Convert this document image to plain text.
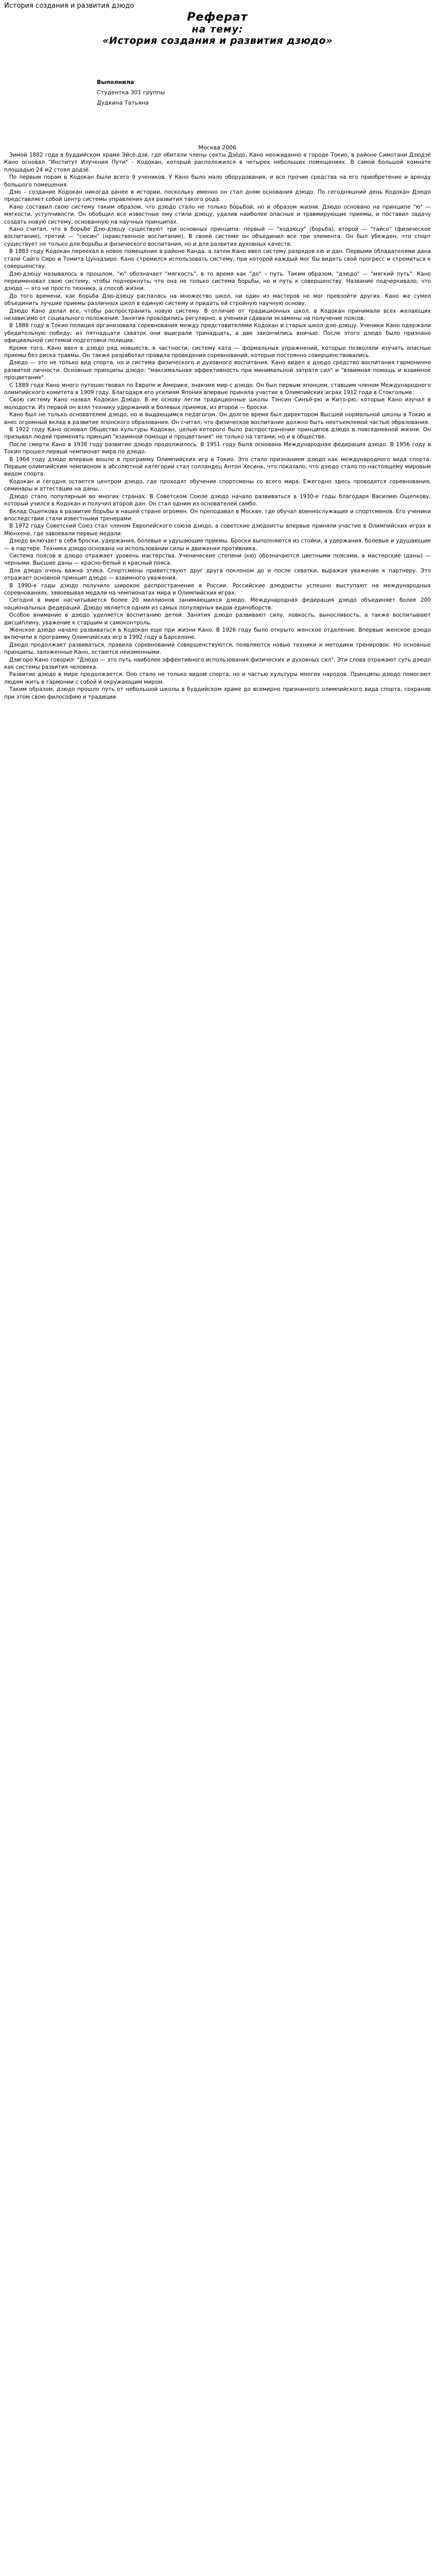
История создания и развития дзюдо

Реферат

на тему:

«История создания и развития дзюдо»

Выполнила
Студентка 301 группы
Дудкина Татьяна

Москва 2006

Зимой 1882 года в буддийском храме Эйсё-дзи, где обитали члены секты Дзёдо, Кано неожиданно в городе Токио, в районе Симотани Дзюдзё Кано основал "Институт Изучения Пути" - Кодокан, который расположился в четырех небольших помещениях. В самой большой комнате площадью 24 м2 стоял додзё.

По первым порам в Кодокан были всего 9 учеников. У Кано было мало оборудования, и все прочие средства на его приобретение и аренду большого помещения.

Дзю – создание Кодокан никогда ранее в истории, поскольку именно он стал дням основания дзюдо. По сегодняшний день Кодокан Дзюдо представляет собой центр системы управления для развития такого рода.

Кано составил свою систему таким образом, что дзюдо стало не только борьбой, но и образом жизни. Дзюдо основано на принципе "ю" — мягкости, уступчивости. Он обобщил все известные ему стили дзюцу, удалив наиболее опасные и травмирующие приемы, и поставил задачу создать новую систему, основанную на научных принципах.

Кано считал, что в борьбе Дзю-дзюцу существуют три основных принципа: первый — "ходзюцу" (борьба), второй — "тайсо" (физическое воспитание), третий — "сюсин" (нравственное воспитание). В своей системе он объединил все три элемента. Он был убежден, что спорт существует не только для борьбы и физического воспитания, но и для развития духовных качеств.

В 1883 году Кодокан переехал в новое помещение в районе Канда, а затем Кано ввел систему разрядов кю и дан. Первыми обладателями дана стали Сайго Сиро и Томита Цунэдзиро. Кано стремился использовать систему, при которой каждый мог бы видеть свой прогресс и стремиться к совершенству.

Дзю-дзюцу называлось в прошлом, "ю" обозначает "мягкость", в то время как "до" – путь. Таким образом, "дзюдо" — "мягкий путь". Кано переименовал свою систему, чтобы подчеркнуть, что она не только система борьбы, но и путь к совершенству. Название подчеркивало, что дзюдо — это не просто техника, а способ жизни.

До того времени, как борьба Дзю-дзюцу распалась на множество школ, ни один из мастеров не мог превзойти других. Кано же сумел объединить лучшие приемы различных школ в единую систему и придать ей стройную научную основу.

Дзюдо Кано делал все, чтобы распространить новую систему. В отличие от традиционных школ, в Кодокан принимали всех желающих независимо от социального положения. Занятия проводились регулярно, а ученики сдавали экзамены на получение поясов.

В 1886 году в Токио полиция организовала соревнования между представителями Кодокан и старых школ дзю-дзюцу. Ученики Кано одержали убедительную победу: из пятнадцати схваток они выиграли тринадцать, а две закончились вничью. После этого дзюдо было признано официальной системой подготовки полиции.

Кроме того, Кано ввел в дзюдо ряд новшеств, в частности, систему ката — формальных упражнений, которые позволяли изучать опасные приемы без риска травмы. Он также разработал правила проведения соревнований, которые постоянно совершенствовались.

Дзюдо — это не только вид спорта, но и система физического и духовного воспитания. Кано видел в дзюдо средство воспитания гармонично развитой личности. Основные принципы дзюдо: "максимальная эффективность при минимальной затрате сил" и "взаимная помощь и взаимное процветание".

С 1889 года Кано много путешествовал по Европе и Америке, знакомя мир с дзюдо. Он был первым японцем, ставшим членом Международного олимпийского комитета в 1909 году. Благодаря его усилиям Япония впервые приняла участие в Олимпийских играх 1912 года в Стокгольме.

Свою систему Кано назвал Кодокан Дзюдо. В ее основу легли традиционные школы Тэнсин Синъё-рю и Кито-рю, которые Кано изучал в молодости. Из первой он взял технику удержаний и болевых приемов, из второй — броски.

Кано был не только основателем дзюдо, но и выдающимся педагогом. Он долгое время был директором Высшей нормальной школы в Токио и внес огромный вклад в развитие японского образования. Он считал, что физическое воспитание должно быть неотъемлемой частью образования.

В 1922 году Кано основал Общество культуры Кодокан, целью которого было распространение принципов дзюдо в повседневной жизни. Он призывал людей применять принцип "взаимной помощи и процветания" не только на татами, но и в обществе.

После смерти Кано в 1938 году развитие дзюдо продолжилось. В 1951 году была основана Международная федерация дзюдо. В 1956 году в Токио прошел первый чемпионат мира по дзюдо.

В 1964 году дзюдо впервые вошло в программу Олимпийских игр в Токио. Это стало признанием дзюдо как международного вида спорта. Первым олимпийским чемпионом в абсолютной категории стал голландец Антон Хесинк, что показало, что дзюдо стало по-настоящему мировым видом спорта.

Кодокан и сегодня остается центром дзюдо, где проходят обучение спортсмены со всего мира. Ежегодно здесь проводятся соревнования, семинары и аттестации на даны.

Дзюдо стало популярным во многих странах. В Советском Союзе дзюдо начало развиваться в 1930-е годы благодаря Василию Ощепкову, который учился в Кодокан и получил второй дан. Он стал одним из основателей самбо.

Вклад Ощепкова в развитие борьбы в нашей стране огромен. Он преподавал в Москве, где обучал военнослужащих и спортсменов. Его ученики впоследствии стали известными тренерами.

В 1972 году Советский Союз стал членом Европейского союза дзюдо, а советские дзюдоисты впервые приняли участие в Олимпийских играх в Мюнхене, где завоевали первые медали.

Дзюдо включает в себя броски, удержания, болевые и удушающие приемы. Броски выполняются из стойки, а удержания, болевые и удушающие — в партере. Техника дзюдо основана на использовании силы и движения противника.

Система поясов в дзюдо отражает уровень мастерства. Ученические степени (кю) обозначаются цветными поясами, а мастерские (даны) — черными. Высшие даны — красно-белый и красный пояса.

Для дзюдо очень важна этика. Спортсмены приветствуют друг друга поклоном до и после схватки, выражая уважение к партнеру. Это отражает основной принцип дзюдо — взаимного уважения.

В 1990-е годы дзюдо получило широкое распространение в России. Российские дзюдоисты успешно выступают на международных соревнованиях, завоевывая медали на чемпионатах мира и Олимпийских играх.

Сегодня в мире насчитывается более 20 миллионов занимающихся дзюдо. Международная федерация дзюдо объединяет более 200 национальных федераций. Дзюдо является одним из самых популярных видов единоборств.

Особое внимание в дзюдо уделяется воспитанию детей. Занятия дзюдо развивают силу, ловкость, выносливость, а также воспитывают дисциплину, уважение к старшим и самоконтроль.

Женское дзюдо начало развиваться в Кодокан еще при жизни Кано. В 1926 году было открыто женское отделение. Впервые женское дзюдо включили в программу Олимпийских игр в 1992 году в Барселоне.

Дзюдо продолжает развиваться, правила соревнований совершенствуются, появляются новые техники и методики тренировок. Но основные принципы, заложенные Кано, остаются неизменными.

Дзигоро Кано говорил: "Дзюдо — это путь наиболее эффективного использования физических и духовных сил". Эти слова отражают суть дзюдо как системы развития человека.

Развитие дзюдо в мире продолжается. Оно стало не только видом спорта, но и частью культуры многих народов. Принципы дзюдо помогают людям жить в гармонии с собой и окружающим миром.

Таким образом, дзюдо прошло путь от небольшой школы в буддийском храме до всемирно признанного олимпийского вида спорта, сохранив при этом свою философию и традиции.
